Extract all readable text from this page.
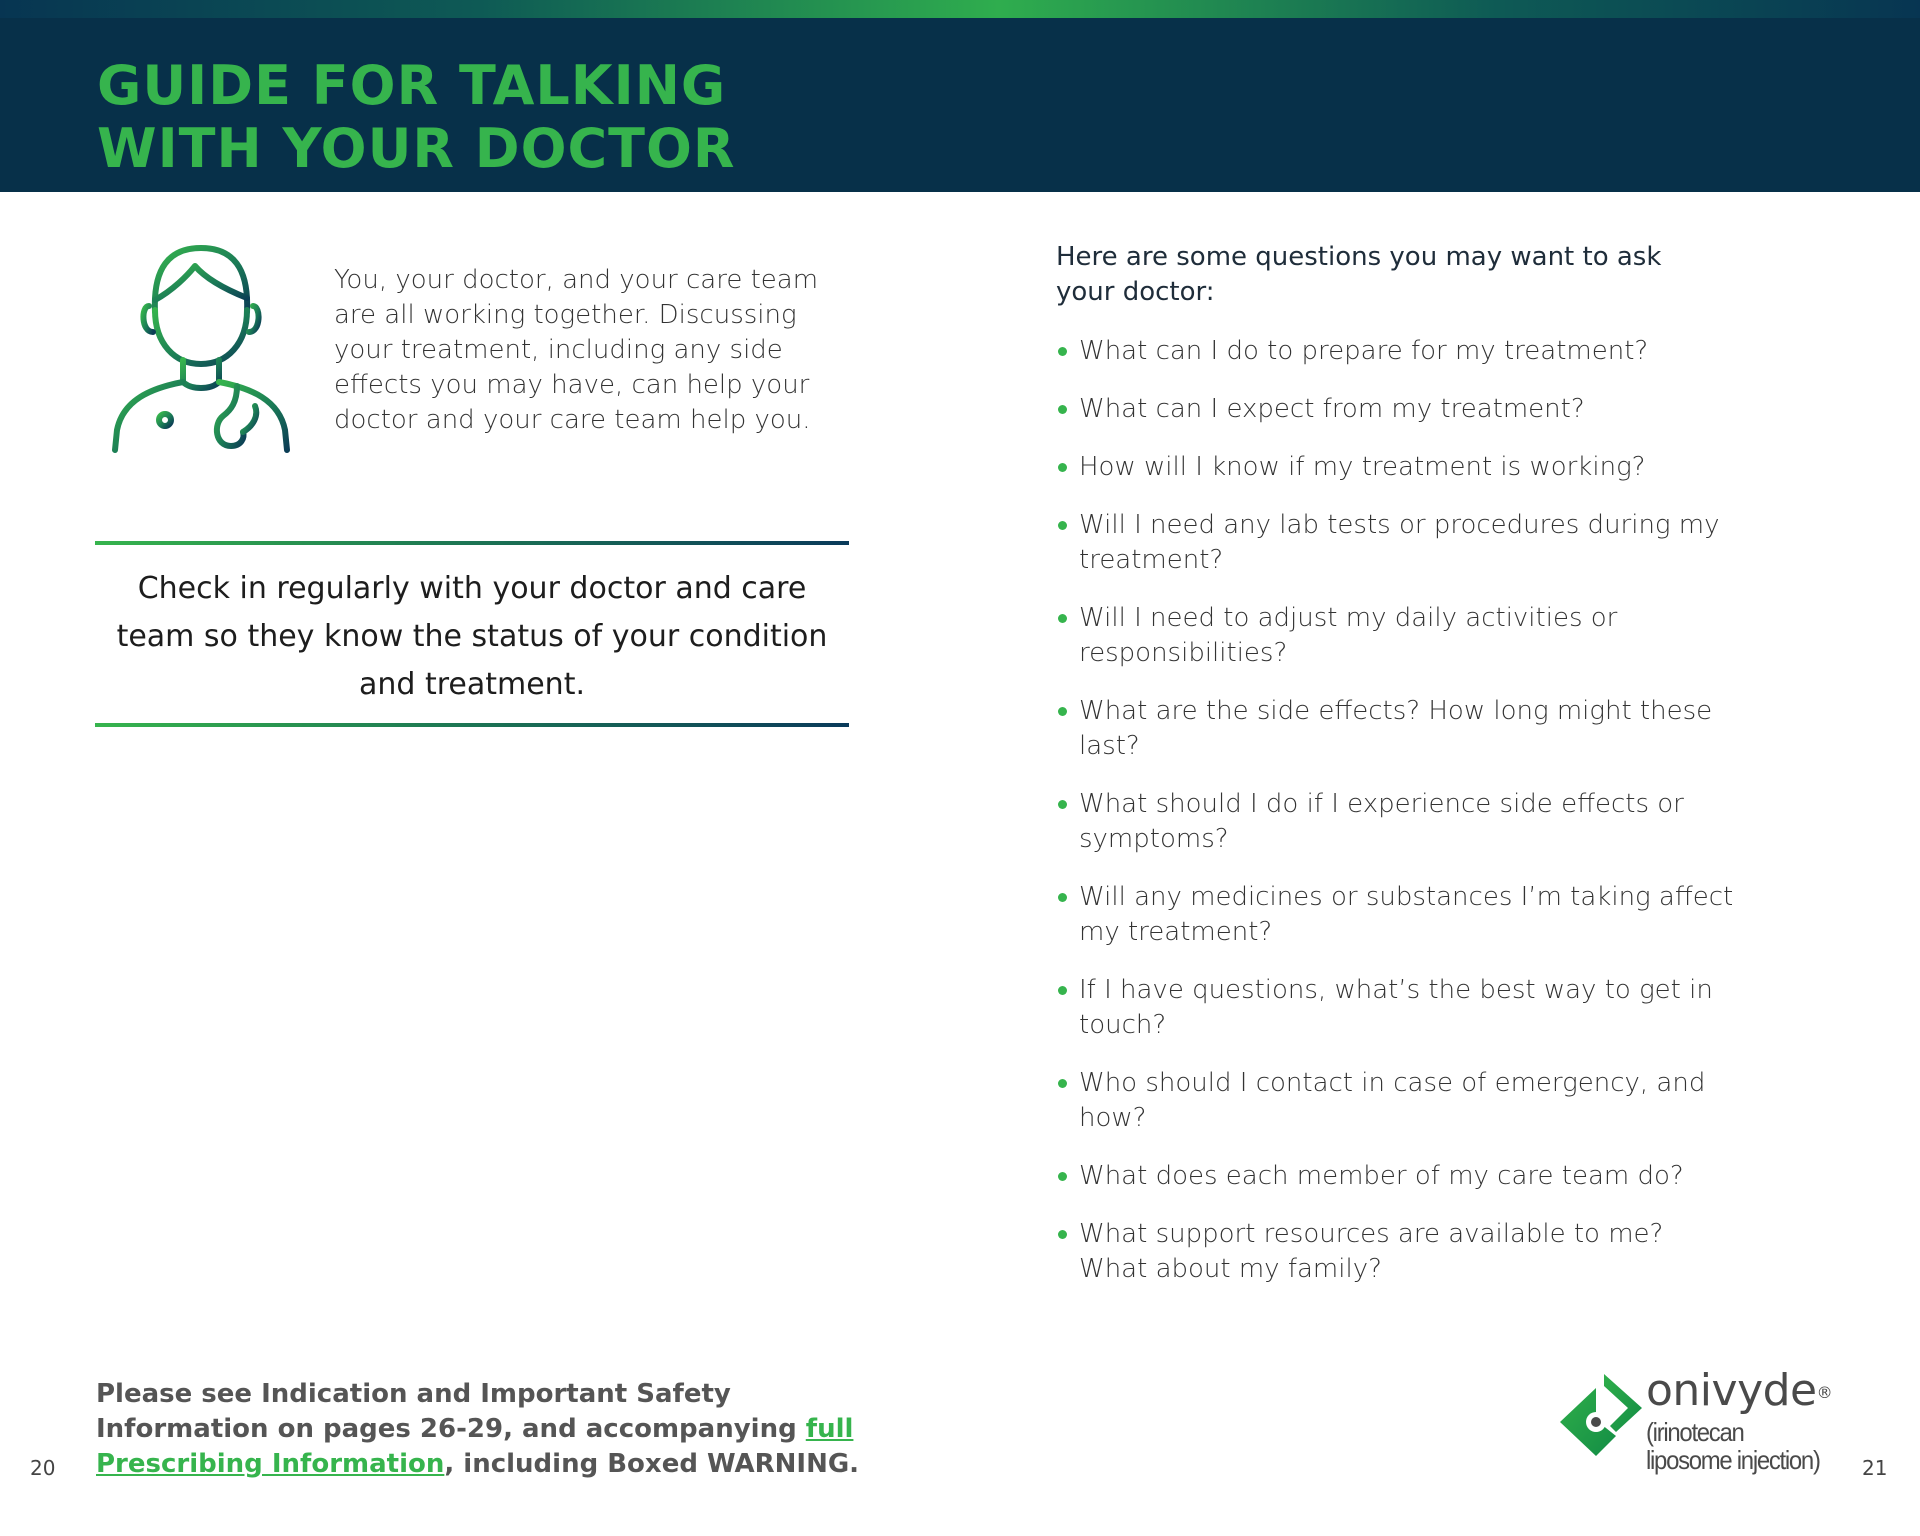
GUIDE FOR TALKING
WITH YOUR DOCTOR

You, your doctor, and your care team are all working together. Discussing your treatment, including any side effects you may have, can help your doctor and your care team help you.

Check in regularly with your doctor and care team so they know the status of your condition and treatment.

Here are some questions you may want to ask your doctor:

What can I do to prepare for my treatment?
What can I expect from my treatment?
How will I know if my treatment is working?
Will I need any lab tests or procedures during my treatment?
Will I need to adjust my daily activities or responsibilities?
What are the side effects? How long might these last?
What should I do if I experience side effects or symptoms?
Will any medicines or substances I’m taking affect my treatment?
If I have questions, what’s the best way to get in touch?
Who should I contact in case of emergency, and how?
What does each member of my care team do?
What support resources are available to me? What about my family?

Please see Indication and Important Safety Information on pages 26-29, and accompanying full Prescribing Information, including Boxed WARNING.

20	21
onivyde®
(irinotecan liposome injection)
